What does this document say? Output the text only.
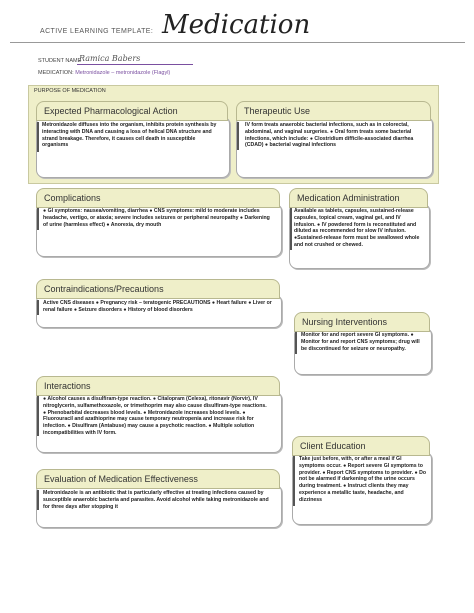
ACTIVE LEARNING TEMPLATE: Medication
STUDENT NAME
Ramica Babers
MEDICATION: Metronidazole – metronidazole (Flagyl)
PURPOSE OF MEDICATION
Expected Pharmacological Action
Metronidazole diffuses into the organism, inhibits protein synthesis by
interacting with DNA and causing a loss of helical DNA structure and
strand breakage. Therefore, it causes cell death in susceptible
organisms
Therapeutic Use
IV form treats anaerobic bacterial infections, such as in colorectal,
abdominal, and vaginal surgeries. ● Oral form treats some bacterial
infections, which include: ● Clostridium difficile-associated diarrhea
(CDAD) ● bacterial vaginal infections
Complications
● GI symptoms: nausea/vomiting, diarrhea ● CNS symptoms: mild to moderate includes
headache, vertigo, or ataxia; severe includes seizures or peripheral neuropathy ● Darkening
of urine (harmless effect) ● Anorexia, dry mouth
Medication Administration
Available as tablets, capsules, sustained-release
capsules, topical cream, vaginal gel, and IV
infusion. ● IV powdered form is reconstituted and
diluted as recommended for slow IV infusion.
●Sustained-release form must be swallowed whole
and not crushed or chewed.
Contraindications/Precautions
Active CNS diseases ● Pregnancy risk – teratogenic PRECAUTIONS ● Heart failure ● Liver or
renal failure ● Seizure disorders ● History of blood disorders
Nursing Interventions
Monitor for and report severe GI symptoms. ●
Monitor for and report CNS symptoms; drug will
be discontinued for seizure or neuropathy.
Interactions
● Alcohol causes a disulfiram-type reaction. ● Citalopram (Celexa), ritonavir (Norvir), IV
nitroglycerin, sulfamethoxazole, or trimethoprim may also cause disulfiram-type reactions.
● Phenobarbital decreases blood levels. ● Metronidazole increases blood levels. ●
Fluorouracil and azathioprine may cause temporary neutropenia and increase risk for
infection. ● Disulfiram (Antabuse) may cause a psychotic reaction. ● Multiple solution
incompatibilities with IV form.
Client Education
Take just before, with, or after a meal if GI
symptoms occur. ● Report severe GI symptoms to
provider. ● Report CNS symptoms to provider. ● Do
not be alarmed if darkening of the urine occurs
during treatment. ● Instruct clients they may
experience a metallic taste, headache, and
dizziness
Evaluation of Medication Effectiveness
Metronidazole is an antibiotic that is particularly effective at treating infections caused by
susceptible anaerobic bacteria and parasites. Avoid alcohol while taking metronidazole and
for three days after stopping it
